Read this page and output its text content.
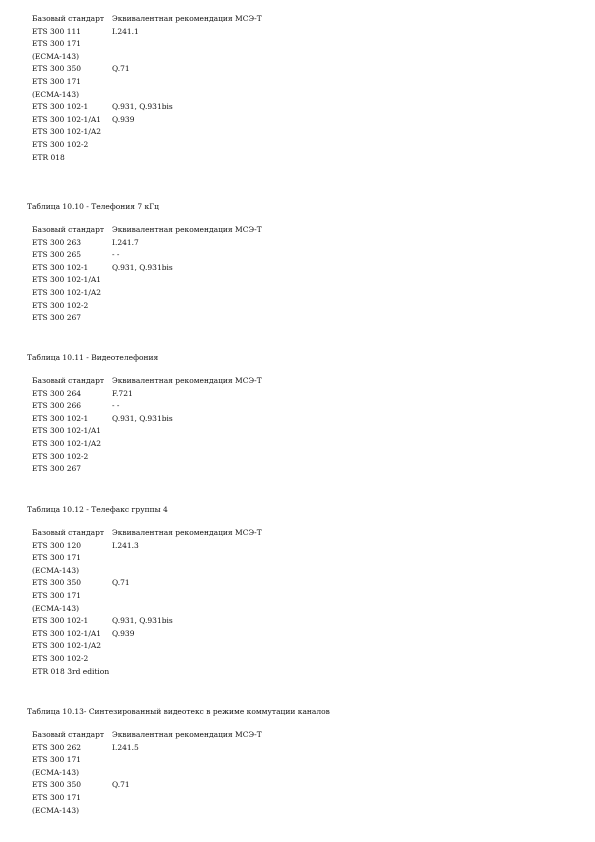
Базовый стандарт Эквивалентная рекомендация МСЭ-Т
ETS 300 111	I.241.1
ETS 300 171
(ECMA-143)
ETS 300 350	Q.71
ETS 300 171
(ECMA-143)
ETS 300 102-1	Q.931, Q.931bis
ETS 300 102-1/A1 Q.939
ETS 300 102-1/A2
ETS 300 102-2
ETR 018
Таблица 10.10 - Телефония 7 кГц
Базовый стандарт Эквивалентная рекомендация МСЭ-Т
ETS 300 263	I.241.7
ETS 300 265	- -
ETS 300 102-1	Q.931, Q.931bis
ETS 300 102-1/A1
ETS 300 102-1/A2
ETS 300 102-2
ETS 300 267
Таблица 10.11 - Видеотелефония
Базовый стандарт Эквивалентная рекомендация МСЭ-Т
ETS 300 264	F.721
ETS 300 266	- -
ETS 300 102-1	Q.931, Q.931bis
ETS 300 102-1/A1
ETS 300 102-1/A2
ETS 300 102-2
ETS 300 267
Таблица 10.12 - Телефакс группы 4
Базовый стандарт Эквивалентная рекомендация МСЭ-Т
ETS 300 120	I.241.3
ETS 300 171
(ECMA-143)
ETS 300 350	Q.71
ETS 300 171
(ECMA-143)
ETS 300 102-1	Q.931, Q.931bis
ETS 300 102-1/A1 Q.939
ETS 300 102-1/A2
ETS 300 102-2
ETR 018 3rd edition
Таблица 10.13- Синтезированный видеотекс в режиме коммутации каналов
Базовый стандарт Эквивалентная рекомендация МСЭ-Т
ETS 300 262	I.241.5
ETS 300 171
(ECMA-143)
ETS 300 350	Q.71
ETS 300 171
(ECMA-143)
